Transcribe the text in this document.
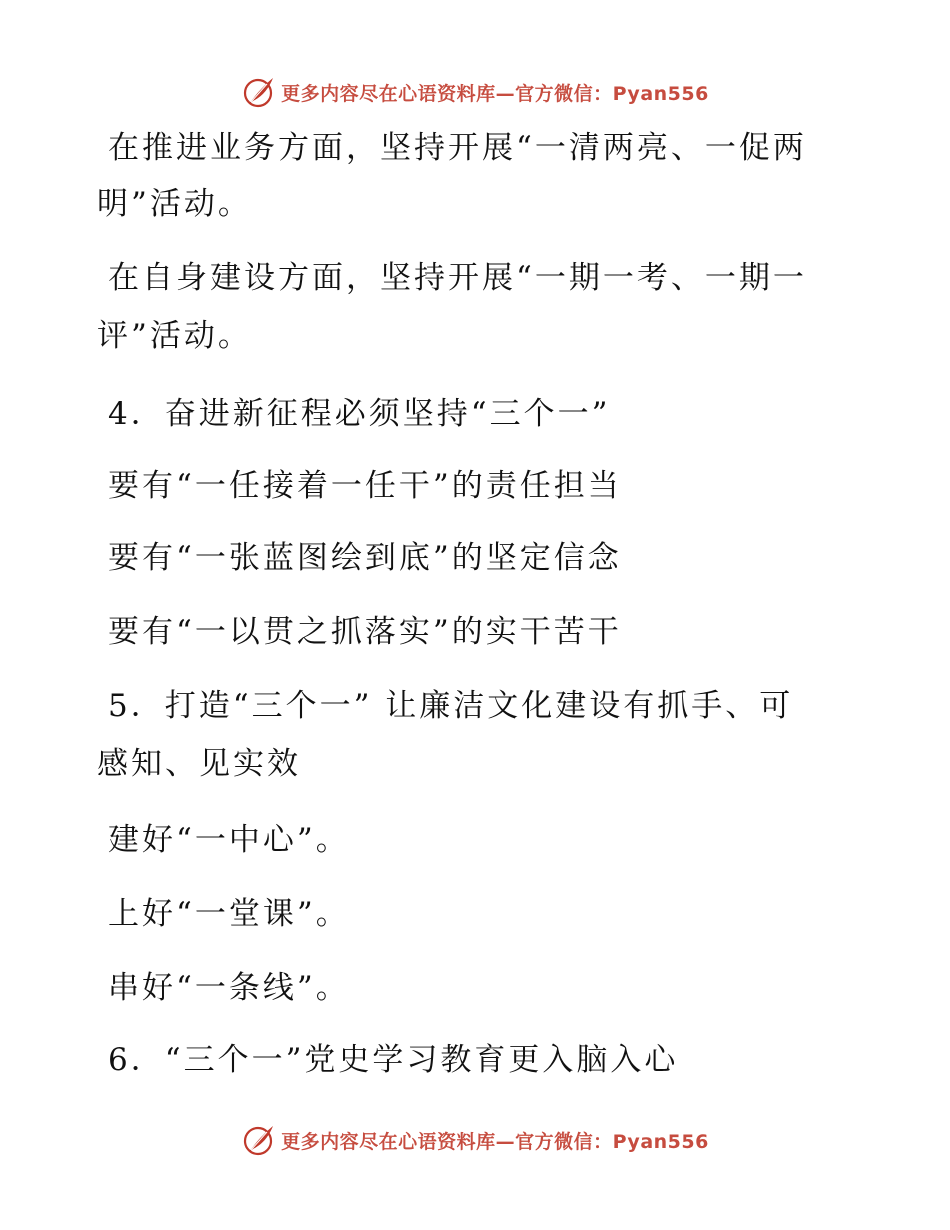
更多内容尽在心语资料库—官方微信：Pyan556
在推进业务方面，坚持开展“一清两亮、一促两
明”活动。
在自身建设方面，坚持开展“一期一考、一期一
评”活动。
4．奋进新征程必须坚持“三个一”
要有“一任接着一任干”的责任担当
要有“一张蓝图绘到底”的坚定信念
要有“一以贯之抓落实”的实干苦干
5．打造“三个一” 让廉洁文化建设有抓手、可
感知、见实效
建好“一中心”。
上好“一堂课”。
串好“一条线”。
6．“三个一”党史学习教育更入脑入心
更多内容尽在心语资料库—官方微信：Pyan556
